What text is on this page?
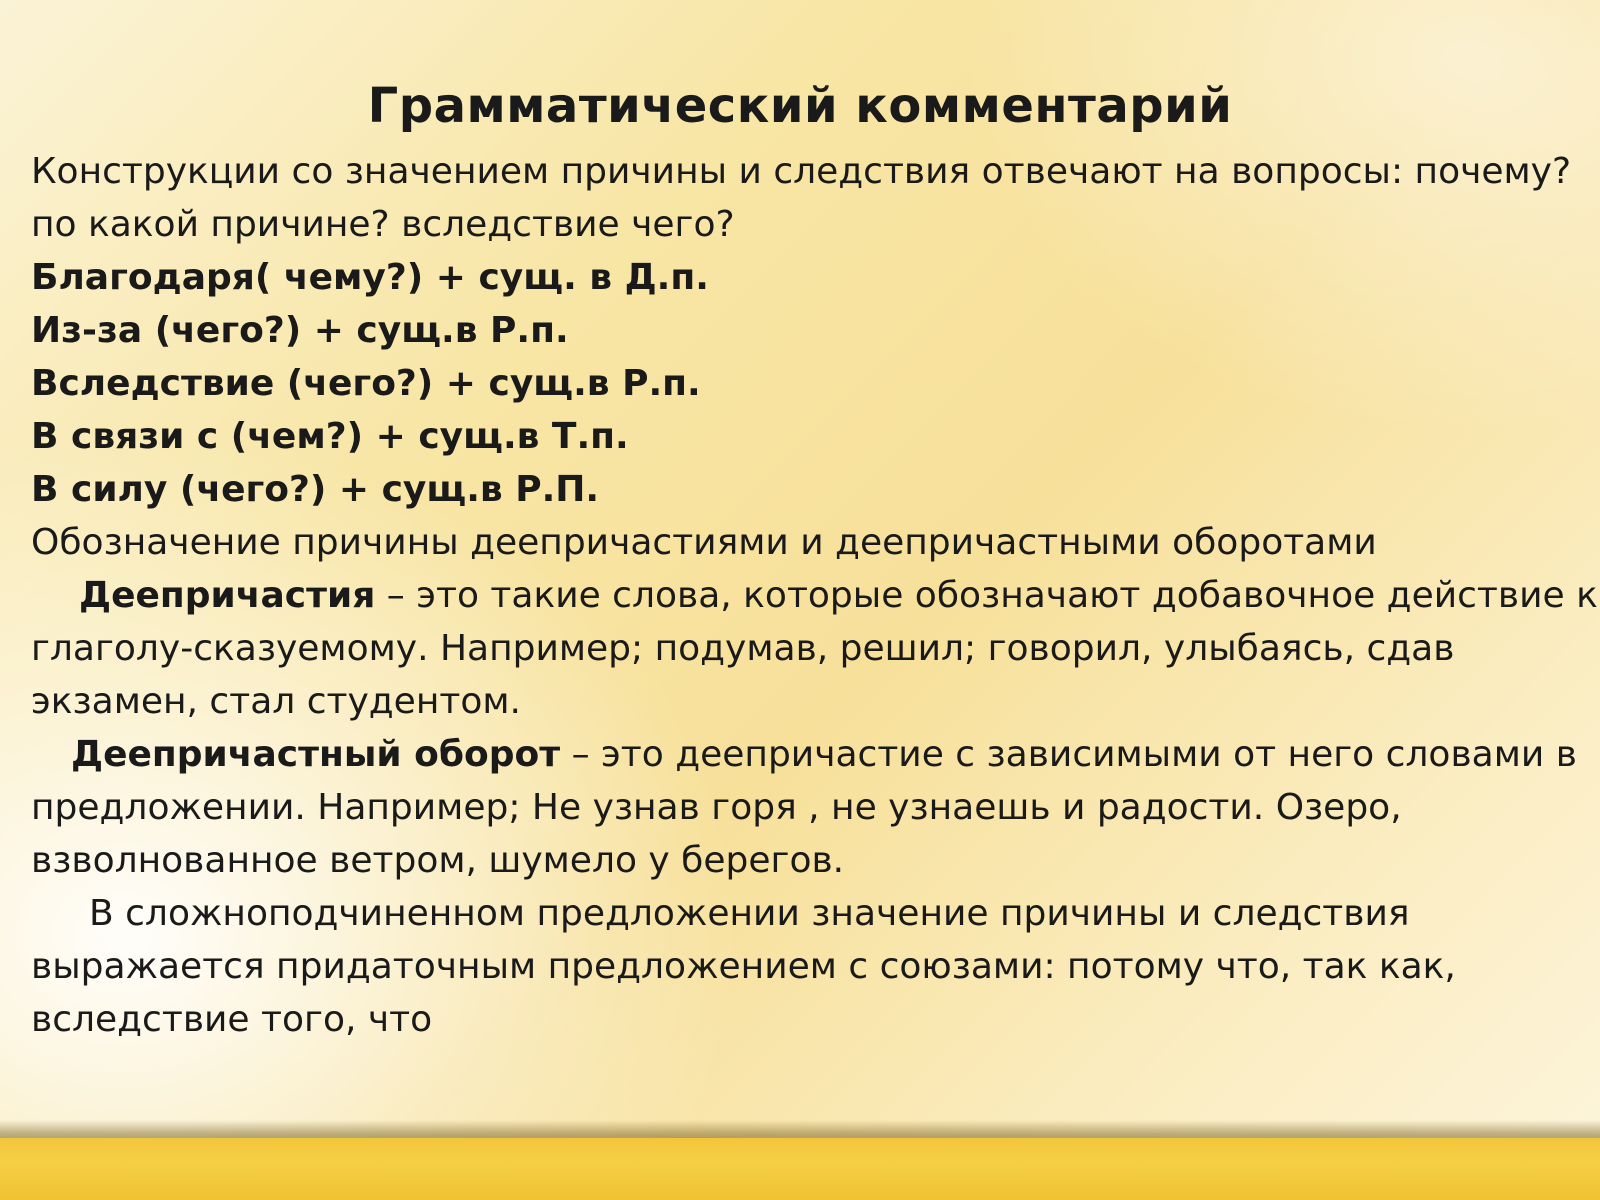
Грамматический комментарий
Конструкции со значением причины и следствия отвечают на вопросы: почему?
по какой причине? вследствие чего?
Благодаря( чему?) + сущ. в Д.п.
Из-за (чего?) + сущ.в Р.п.
Вследствие (чего?) + сущ.в Р.п.
В связи с (чем?) + сущ.в Т.п.
В силу (чего?) + сущ.в Р.П.
Обозначение причины деепричастиями и деепричастными оборотами
Деепричастия – это такие слова, которые обозначают добавочное действие к
глаголу-сказуемому. Например; подумав, решил; говорил, улыбаясь, сдав
экзамен, стал студентом.
Деепричастный оборот – это деепричастие с зависимыми от него словами в
предложении. Например; Не узнав горя , не узнаешь и радости. Озеро,
взволнованное ветром, шумело у берегов.
В сложноподчиненном предложении значение причины и следствия
выражается придаточным предложением с союзами: потому что, так как,
вследствие того, что
